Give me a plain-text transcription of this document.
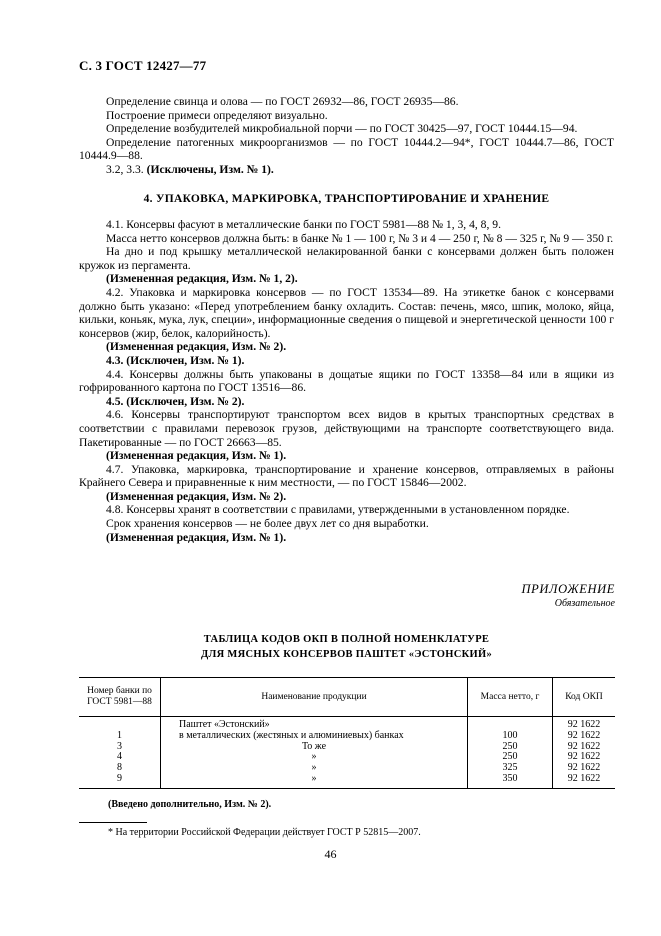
С. 3 ГОСТ 12427—77

Определение свинца и олова — по ГОСТ 26932—86, ГОСТ 26935—86.

Построение примеси определяют визуально.

Определение возбудителей микробиальной порчи — по ГОСТ 30425—97, ГОСТ 10444.15—94.

Определение патогенных микроорганизмов — по ГОСТ 10444.2—94*, ГОСТ 10444.7—86, ГОСТ 10444.9—88.

3.2, 3.3. (Исключены, Изм. № 1).

4. УПАКОВКА, МАРКИРОВКА, ТРАНСПОРТИРОВАНИЕ И ХРАНЕНИЕ

4.1. Консервы фасуют в металлические банки по ГОСТ 5981—88 № 1, 3, 4, 8, 9.

Масса нетто консервов должна быть: в банке № 1 — 100 г, № 3 и 4 — 250 г, № 8 — 325 г, № 9 — 350 г.

На дно и под крышку металлической нелакированной банки с консервами должен быть положен кружок из пергамента.

(Измененная редакция, Изм. № 1, 2).

4.2. Упаковка и маркировка консервов — по ГОСТ 13534—89. На этикетке банок с консервами должно быть указано: «Перед употреблением банку охладить. Состав: печень, мясо, шпик, молоко, яйца, кильки, коньяк, мука, лук, специи», информационные сведения о пищевой и энергетической ценности 100 г консервов (жир, белок, калорийность).

(Измененная редакция, Изм. № 2).

4.3. (Исключен, Изм. № 1).

4.4. Консервы должны быть упакованы в дощатые ящики по ГОСТ 13358—84 или в ящики из гофрированного картона по ГОСТ 13516—86.

4.5. (Исключен, Изм. № 2).

4.6. Консервы транспортируют транспортом всех видов в крытых транспортных средствах в соответствии с правилами перевозок грузов, действующими на транспорте соответствующего вида. Пакетированные — по ГОСТ 26663—85.

(Измененная редакция, Изм. № 1).

4.7. Упаковка, маркировка, транспортирование и хранение консервов, отправляемых в районы Крайнего Севера и приравненные к ним местности, — по ГОСТ 15846—2002.

(Измененная редакция, Изм. № 2).

4.8. Консервы хранят в соответствии с правилами, утвержденными в установленном порядке.

Срок хранения консервов — не более двух лет со дня выработки.

(Измененная редакция, Изм. № 1).

ПРИЛОЖЕНИЕ
Обязательное
ТАБЛИЦА КОДОВ ОКП В ПОЛНОЙ НОМЕНКЛАТУРЕ
ДЛЯ МЯСНЫХ КОНСЕРВОВ ПАШТЕТ «ЭСТОНСКИЙ»
Номер банки по ГОСТ 5981—88	Наименование продукции	Масса нетто, г	Код ОКП
	Паштет «Эстонский»		92 1622
1	в металлических (жестяных и алюминиевых) банках	100	92 1622
3	То же	250	92 1622
4	»	250	92 1622
8	»	325	92 1622
9	»	350	92 1622
(Введено дополнительно, Изм. № 2).
* На территории Российской Федерации действует ГОСТ Р 52815—2007.
46
